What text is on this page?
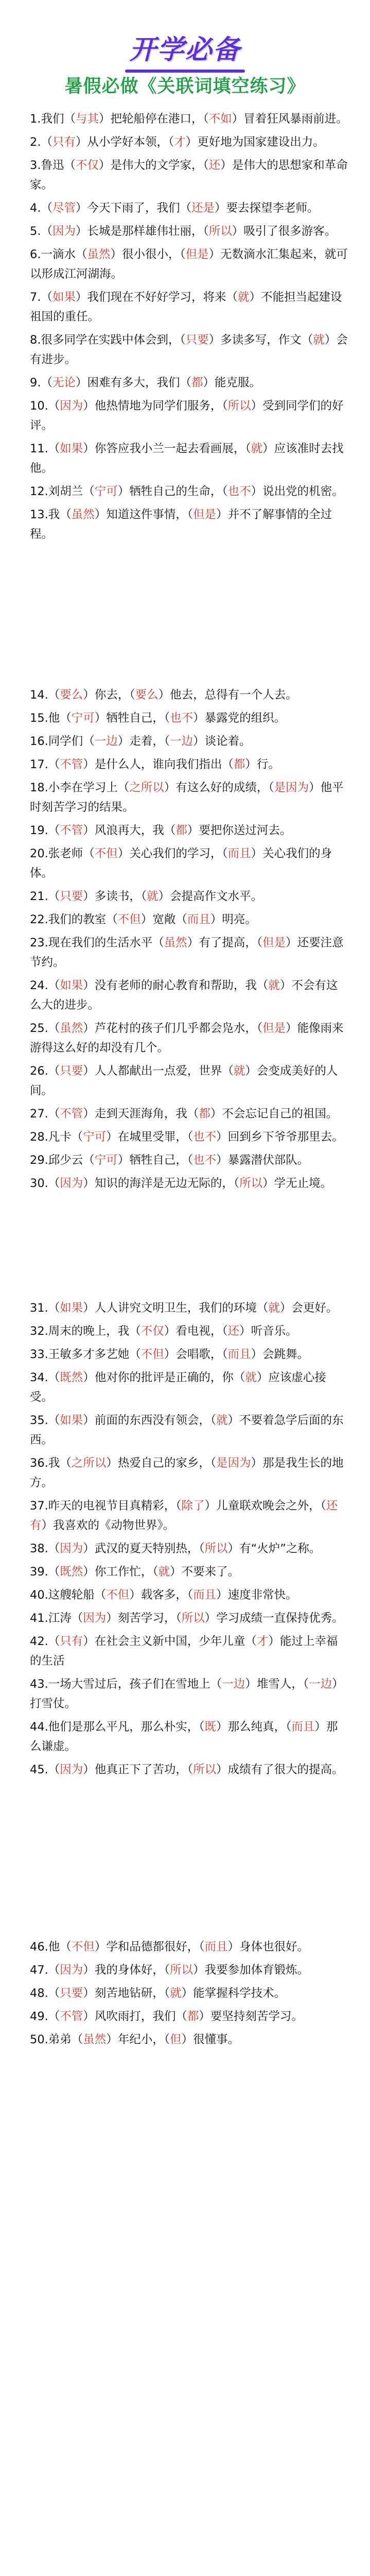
开学必备
暑假必做《关联词填空练习》
1.我们（与其）把轮船停在港口，（不如）冒着狂风暴雨前进。
2.（只有）从小学好本领，（才）更好地为国家建设出力。
3.鲁迅（不仅）是伟大的文学家，（还）是伟大的思想家和革命家。
4.（尽管）今天下雨了，我们（还是）要去探望李老师。
5.（因为）长城是那样雄伟壮丽，（所以）吸引了很多游客。
6.一滴水（虽然）很小很小，（但是）无数滴水汇集起来，就可以形成江河湖海。
7.（如果）我们现在不好好学习，将来（就）不能担当起建设祖国的重任。
8.很多同学在实践中体会到，（只要）多读多写，作文（就）会有进步。
9.（无论）困难有多大，我们（都）能克服。
10.（因为）他热情地为同学们服务，（所以）受到同学们的好评。
11.（如果）你答应我小兰一起去看画展，（就）应该准时去找他。
12.刘胡兰（宁可）牺牲自己的生命，（也不）说出党的机密。
13.我（虽然）知道这件事情，（但是）并不了解事情的全过程。
14.（要么）你去，（要么）他去，总得有一个人去。
15.他（宁可）牺牲自己，（也不）暴露党的组织。
16.同学们（一边）走着，（一边）谈论着。
17.（不管）是什么人，谁向我们指出（都）行。
18.小李在学习上（之所以）有这么好的成绩，（是因为）他平时刻苦学习的结果。
19.（不管）风浪再大，我（都）要把你送过河去。
20.张老师（不但）关心我们的学习，（而且）关心我们的身体。
21.（只要）多读书，（就）会提高作文水平。
22.我们的教室（不但）宽敞（而且）明亮。
23.现在我们的生活水平（虽然）有了提高，（但是）还要注意节约。
24.（如果）没有老师的耐心教育和帮助，我（就）不会有这么大的进步。
25.（虽然）芦花村的孩子们几乎都会凫水，（但是）能像雨来游得这么好的却没有几个。
26.（只要）人人都献出一点爱，世界（就）会变成美好的人间。
27.（不管）走到天涯海角，我（都）不会忘记自己的祖国。
28.凡卡（宁可）在城里受罪，（也不）回到乡下爷爷那里去。
29.邱少云（宁可）牺牲自己，（也不）暴露潜伏部队。
30.（因为）知识的海洋是无边无际的，（所以）学无止境。
31.（如果）人人讲究文明卫生，我们的环境（就）会更好。
32.周末的晚上，我（不仅）看电视，（还）听音乐。
33.王敏多才多艺她（不但）会唱歌，（而且）会跳舞。
34.（既然）他对你的批评是正确的，你（就）应该虚心接受。
35.（如果）前面的东西没有领会，（就）不要着急学后面的东西。
36.我（之所以）热爱自己的家乡，（是因为）那是我生长的地方。
37.昨天的电视节目真精彩，（除了）儿童联欢晚会之外，（还有）我喜欢的《动物世界》。
38.（因为）武汉的夏天特别热，（所以）有“火炉”之称。
39.（既然）你工作忙，（就）不要来了。
40.这艘轮船（不但）载客多，（而且）速度非常快。
41.江涛（因为）刻苦学习，（所以）学习成绩一直保持优秀。
42.（只有）在社会主义新中国，少年儿童（才）能过上幸福的生活
43.一场大雪过后，孩子们在雪地上（一边）堆雪人，（一边）打雪仗。
44.他们是那么平凡，那么朴实，（既）那么纯真，（而且）那么谦虚。
45.（因为）他真正下了苦功，（所以）成绩有了很大的提高。
46.他（不但）学和品德都很好，（而且）身体也很好。
47.（因为）我的身体好，（所以）我要参加体育锻炼。
48.（只要）刻苦地钻研，（就）能掌握科学技术。
49.（不管）风吹雨打，我们（都）要坚持刻苦学习。
50.弟弟（虽然）年纪小，（但）很懂事。
